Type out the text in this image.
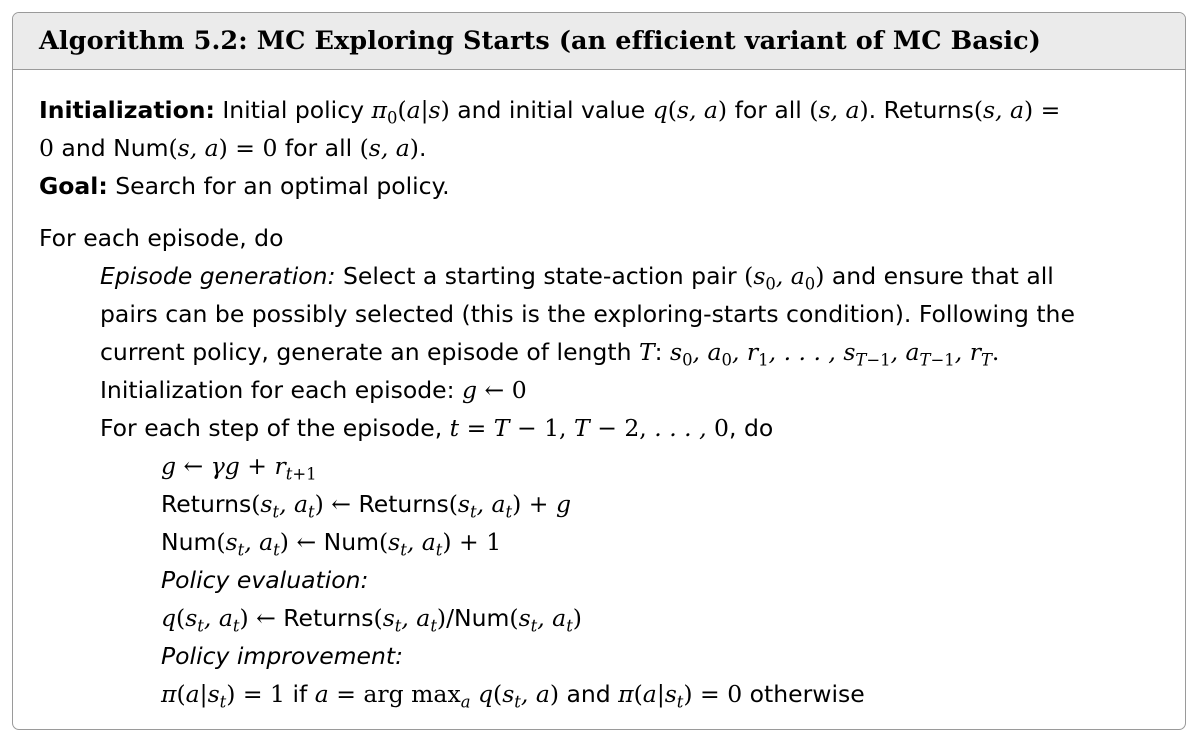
Algorithm 5.2: MC Exploring Starts (an efficient variant of MC Basic)
Initialization: Initial policy $\pi_0(a|s)$ and initial value q(s, a) for all (s, a). Returns(s, a) =
0 and Num(s, a) = 0 for all (s, a).
Goal: Search for an optimal policy.
For each episode, do
Episode generation: Select a starting state-action pair ($s_0$, $a_0$) and ensure that all
pairs can be possibly selected (this is the exploring-starts condition). Following the
current policy, generate an episode of length T: $s_0$, $a_0$, $r_1$, . . . , $s_{T-1}$, $a_{T-1}$, $r_T$.
Initialization for each episode: g ← 0
For each step of the episode, t = T − 1, T − 2, . . . , 0, do
g ← $\gamma g + r_{t+1}$
$Returns(s_t$, $a_t$) ← $Returns(s_t$, $a_t) + g$
$Num(s_t$, $a_t$) ← $Num(s_t$, $a_t) + 1$
Policy evaluation:
$q(s_t$, $a_t$) ← $Returns(s_t$, $a_t)/Num(s_t$, $a_t$)
Policy improvement:
$\pi(a|s_t) = 1$ if a = arg $\max_a q(s_t$, a) and $\pi(a|s_t) = 0$ otherwise
